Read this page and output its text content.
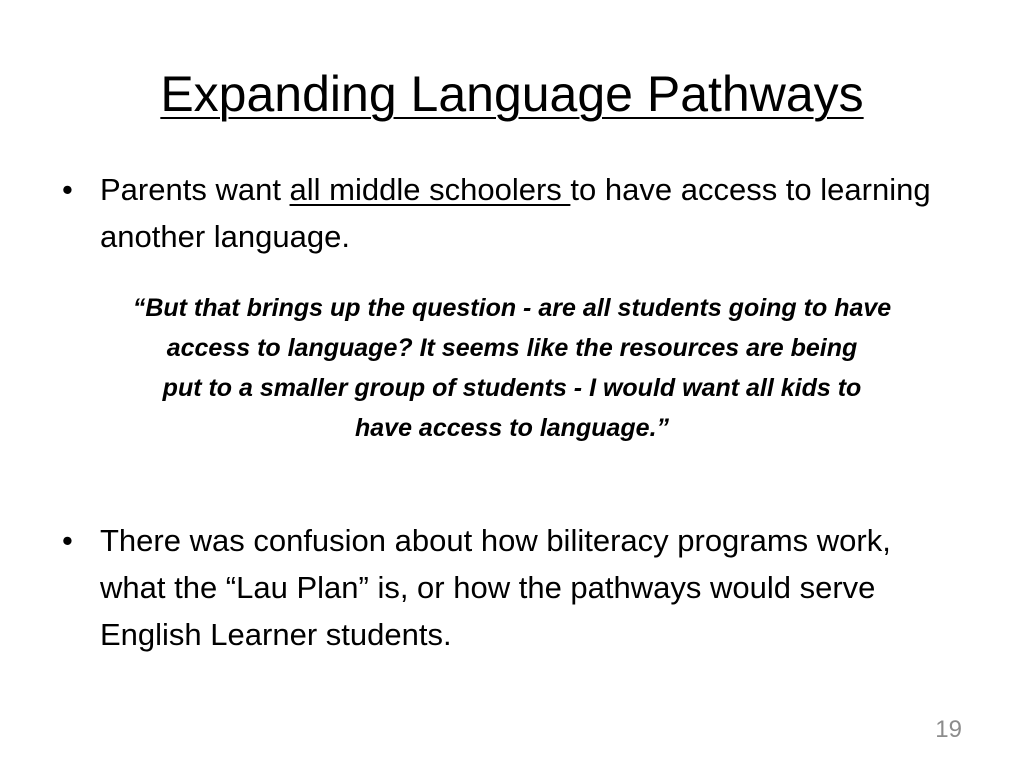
Expanding Language Pathways
• Parents want all middle schoolers to have access to learning another language.
“But that brings up the question - are all students going to have
access to language? It seems like the resources are being
put to a smaller group of students - I would want all kids to
have access to language.”
• There was confusion about how biliteracy programs work, what the “Lau Plan” is, or how the pathways would serve English Learner students.
19
